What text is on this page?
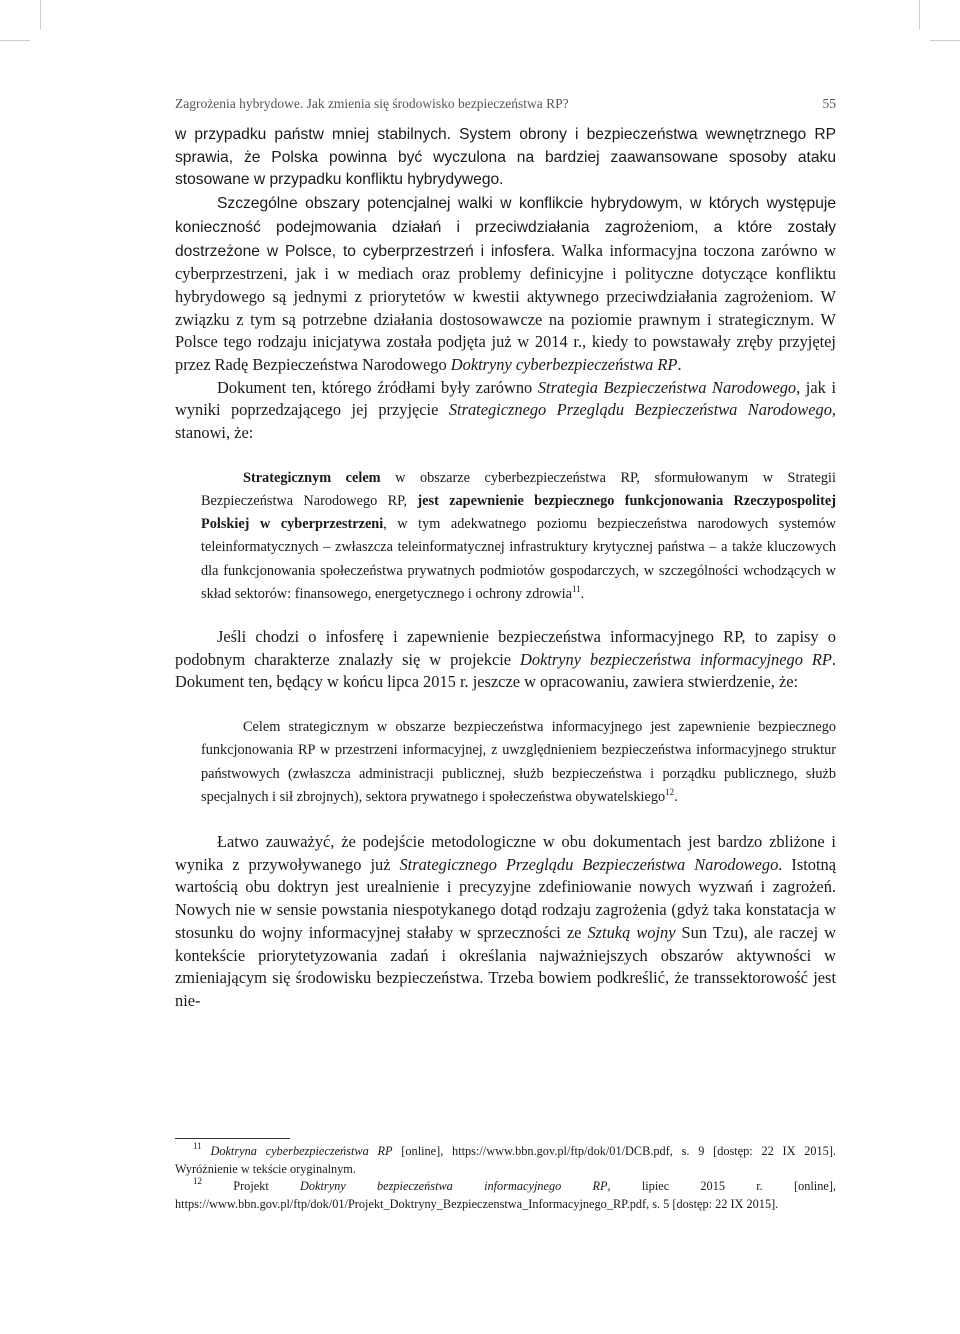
Zagrożenia hybrydowe. Jak zmienia się środowisko bezpieczeństwa RP?	55

w przypadku państw mniej stabilnych. System obrony i bezpieczeństwa wewnętrznego RP sprawia, że Polska powinna być wyczulona na bardziej zaawansowane sposoby ataku stosowane w przypadku konfliktu hybrydywego.

Szczególne obszary potencjalnej walki w konflikcie hybrydowym, w których występuje konieczność podejmowania działań i przeciwdziałania zagrożeniom, a które zostały dostrzeżone w Polsce, to cyberprzestrzeń i infosfera. Walka informacyjna toczona zarówno w cyberprzestrzeni, jak i w mediach oraz problemy definicyjne i polityczne dotyczące konfliktu hybrydowego są jednymi z priorytetów w kwestii aktywnego przeciwdziałania zagrożeniom. W związku z tym są potrzebne działania dostosowawcze na poziomie prawnym i strategicznym. W Polsce tego rodzaju inicjatywa została podjęta już w 2014 r., kiedy to powstawały zręby przyjętej przez Radę Bezpieczeństwa Narodowego Doktryny cyberbezpieczeństwa RP.

Dokument ten, którego źródłami były zarówno Strategia Bezpieczeństwa Narodowego, jak i wyniki poprzedzającego jej przyjęcie Strategicznego Przeglądu Bezpieczeństwa Narodowego, stanowi, że:

Strategicznym celem w obszarze cyberbezpieczeństwa RP, sformułowanym w Strategii Bezpieczeństwa Narodowego RP, jest zapewnienie bezpiecznego funkcjonowania Rzeczypospolitej Polskiej w cyberprzestrzeni, w tym adekwatnego poziomu bezpieczeństwa narodowych systemów teleinformatycznych – zwłaszcza teleinformatycznej infrastruktury krytycznej państwa – a także kluczowych dla funkcjonowania społeczeństwa prywatnych podmiotów gospodarczych, w szczególności wchodzących w skład sektorów: finansowego, energetycznego i ochrony zdrowia$^{11}$.

Jeśli chodzi o infosferę i zapewnienie bezpieczeństwa informacyjnego RP, to zapisy o podobnym charakterze znalazły się w projekcie Doktryny bezpieczeństwa informacyjnego RP. Dokument ten, będący w końcu lipca 2015 r. jeszcze w opracowaniu, zawiera stwierdzenie, że:

Celem strategicznym w obszarze bezpieczeństwa informacyjnego jest zapewnienie bezpiecznego funkcjonowania RP w przestrzeni informacyjnej, z uwzględnieniem bezpieczeństwa informacyjnego struktur państwowych (zwłaszcza administracji publicznej, służb bezpieczeństwa i porządku publicznego, służb specjalnych i sił zbrojnych), sektora prywatnego i społeczeństwa obywatelskiego$^{12}$.

Łatwo zauważyć, że podejście metodologiczne w obu dokumentach jest bardzo zbliżone i wynika z przywoływanego już Strategicznego Przeglądu Bezpieczeństwa Narodowego. Istotną wartością obu doktryn jest urealnienie i precyzyjne zdefiniowanie nowych wyzwań i zagrożeń. Nowych nie w sensie powstania niespotykanego dotąd rodzaju zagrożenia (gdyż taka konstatacja w stosunku do wojny informacyjnej stałaby w sprzeczności ze Sztuką wojny Sun Tzu), ale raczej w kontekście priorytetyzowania zadań i określania najważniejszych obszarów aktywności w zmieniającym się środowisku bezpieczeństwa. Trzeba bowiem podkreślić, że transsektorowość jest nie-

$^{11}$ Doktryna cyberbezpieczeństwa RP [online], https://www.bbn.gov.pl/ftp/dok/01/DCB.pdf, s. 9 [dostęp: 22 IX 2015]. Wyróżnienie w tekście oryginalnym.

$^{12}$ Projekt Doktryny bezpieczeństwa informacyjnego RP, lipiec 2015 r. [online], https://www.bbn.gov.pl/ftp/dok/01/Projekt_Doktryny_Bezpieczenstwa_Informacyjnego_RP.pdf, s. 5 [dostęp: 22 IX 2015].
